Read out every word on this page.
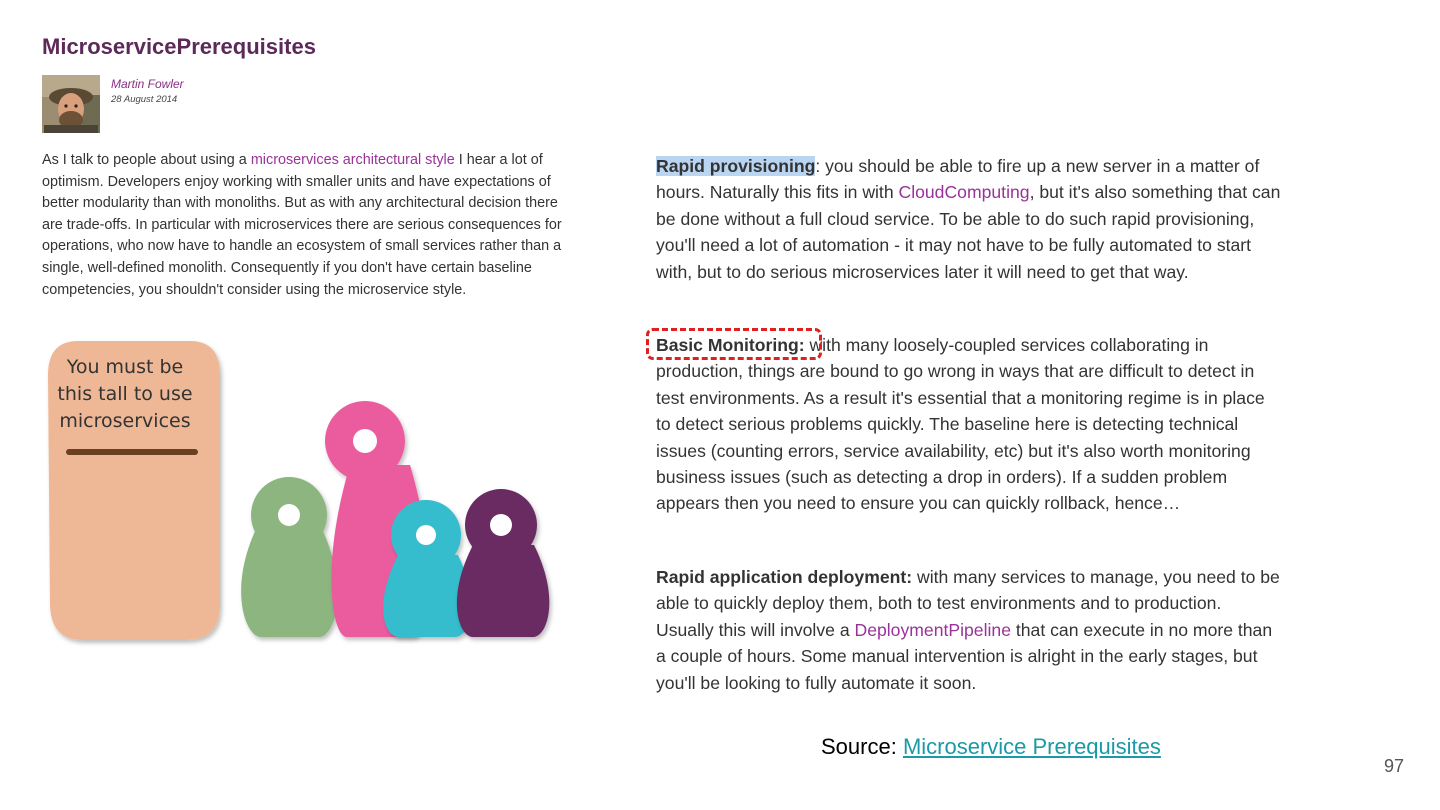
MicroservicePrerequisites
Martin Fowler
28 August 2014

As I talk to people about using a microservices architectural style I hear a lot of optimism. Developers enjoy working with smaller units and have expectations of better modularity than with monoliths. But as with any architectural decision there are trade-offs. In particular with microservices there are serious consequences for operations, who now have to handle an ecosystem of small services rather than a single, well-defined monolith. Consequently if you don't have certain baseline competencies, you shouldn't consider using the microservice style.

You must be
this tall to use
microservices

Rapid provisioning: you should be able to fire up a new server in a matter of hours. Naturally this fits in with CloudComputing, but it's also something that can be done without a full cloud service. To be able to do such rapid provisioning, you'll need a lot of automation - it may not have to be fully automated to start with, but to do serious microservices later it will need to get that way.

Basic Monitoring: with many loosely-coupled services collaborating in production, things are bound to go wrong in ways that are difficult to detect in test environments. As a result it's essential that a monitoring regime is in place to detect serious problems quickly. The baseline here is detecting technical issues (counting errors, service availability, etc) but it's also worth monitoring business issues (such as detecting a drop in orders). If a sudden problem appears then you need to ensure you can quickly rollback, hence…

Rapid application deployment: with many services to manage, you need to be able to quickly deploy them, both to test environments and to production. Usually this will involve a DeploymentPipeline that can execute in no more than a couple of hours. Some manual intervention is alright in the early stages, but you'll be looking to fully automate it soon.

Source: Microservice Prerequisites
97
